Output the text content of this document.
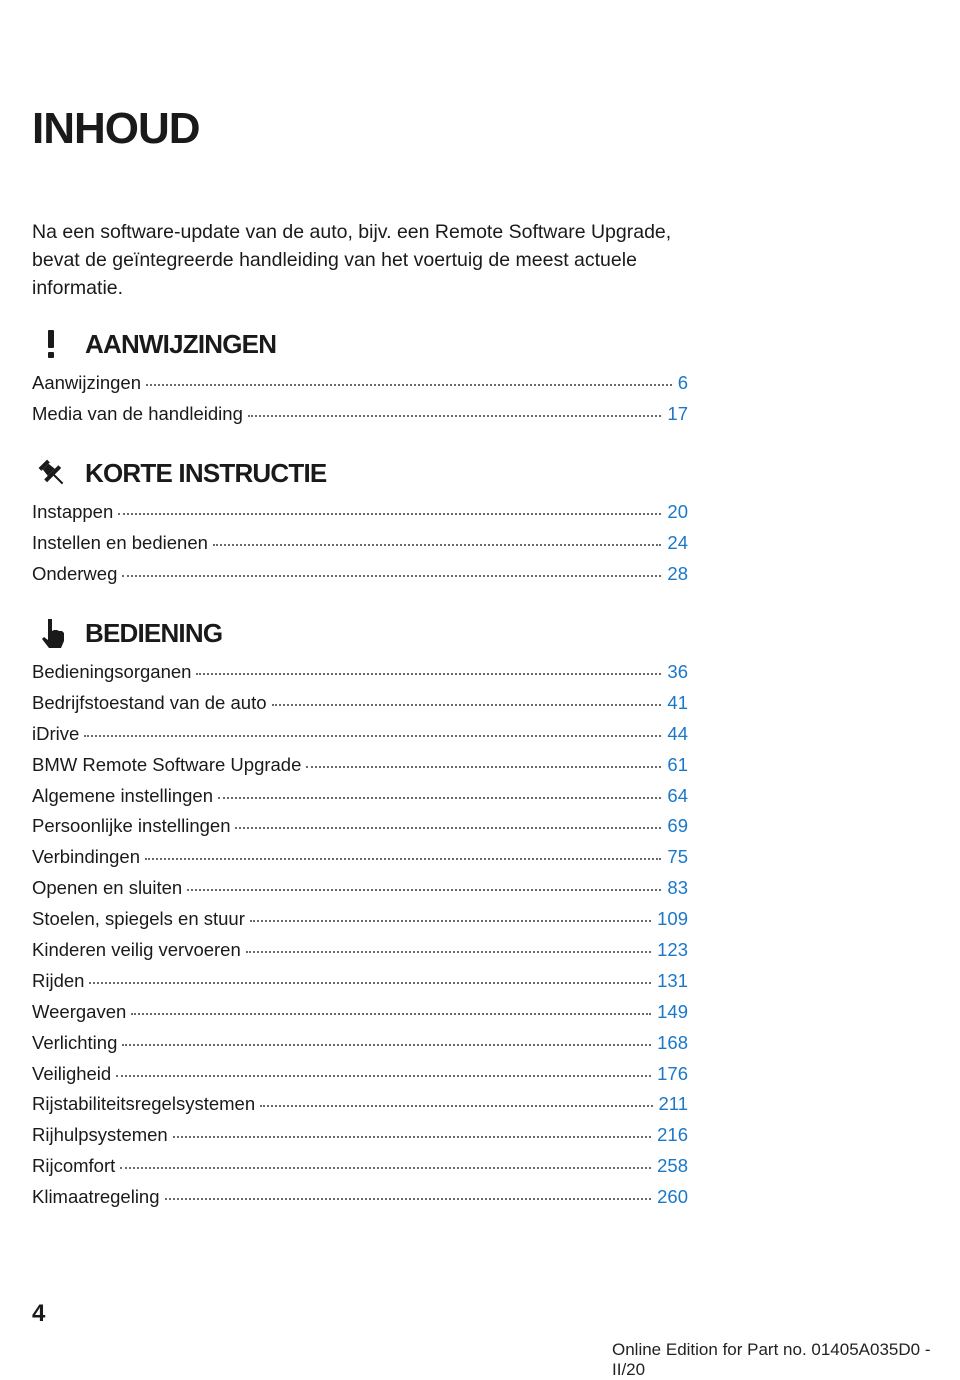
INHOUD

Na een software-update van de auto, bijv. een Remote Software Upgrade, bevat de geïntegreerde handleiding van het voertuig de meest actuele informatie.

AANWIJZINGEN
Aanwijzingen	6
Media van de handleiding	17
KORTE INSTRUCTIE
Instappen	20
Instellen en bedienen	24
Onderweg	28
BEDIENING
Bedieningsorganen	36
Bedrijfstoestand van de auto	41
iDrive	44
BMW Remote Software Upgrade	61
Algemene instellingen	64
Persoonlijke instellingen	69
Verbindingen	75
Openen en sluiten	83
Stoelen, spiegels en stuur	109
Kinderen veilig vervoeren	123
Rijden	131
Weergaven	149
Verlichting	168
Veiligheid	176
Rijstabiliteitsregelsystemen	211
Rijhulpsystemen	216
Rijcomfort	258
Klimaatregeling	260

4

Online Edition for Part no. 01405A035D0 - II/20
